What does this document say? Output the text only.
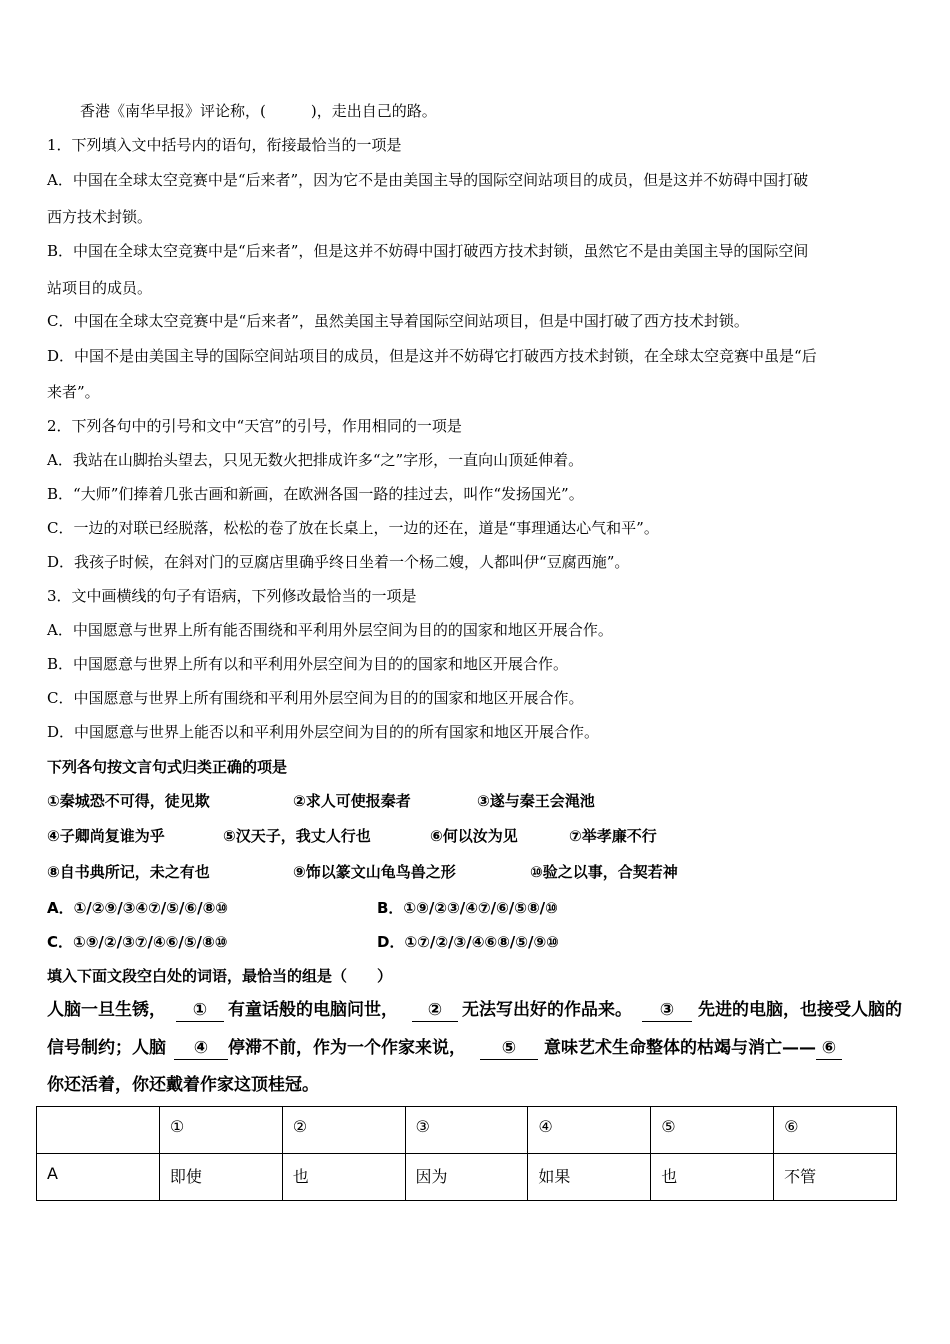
香港《南华早报》评论称，(　　　)，走出自己的路。
1．下列填入文中括号内的语句，衔接最恰当的一项是
A．中国在全球太空竞赛中是“后来者”，因为它不是由美国主导的国际空间站项目的成员，但是这并不妨碍中国打破
西方技术封锁。
B．中国在全球太空竞赛中是“后来者”，但是这并不妨碍中国打破西方技术封锁，虽然它不是由美国主导的国际空间
站项目的成员。
C．中国在全球太空竞赛中是“后来者”，虽然美国主导着国际空间站项目，但是中国打破了西方技术封锁。
D．中国不是由美国主导的国际空间站项目的成员，但是这并不妨碍它打破西方技术封锁，在全球太空竞赛中虽是“后
来者”。
2．下列各句中的引号和文中“天宫”的引号，作用相同的一项是
A．我站在山脚抬头望去，只见无数火把排成许多“之”字形，一直向山顶延伸着。
B．“大师”们捧着几张古画和新画，在欧洲各国一路的挂过去，叫作“发扬国光”。
C．一边的对联已经脱落，松松的卷了放在长桌上，一边的还在，道是“事理通达心气和平”。
D．我孩子时候，在斜对门的豆腐店里确乎终日坐着一个杨二嫂，人都叫伊“豆腐西施”。
3．文中画横线的句子有语病，下列修改最恰当的一项是
A．中国愿意与世界上所有能否围绕和平利用外层空间为目的的国家和地区开展合作。
B．中国愿意与世界上所有以和平利用外层空间为目的的国家和地区开展合作。
C．中国愿意与世界上所有围绕和平利用外层空间为目的的国家和地区开展合作。
D．中国愿意与世界上能否以和平利用外层空间为目的的所有国家和地区开展合作。
下列各句按文言句式归类正确的项是
①秦城恐不可得，徒见欺	②求人可使报秦者	③遂与秦王会渑池
④子卿尚复谁为乎	⑤汉天子，我丈人行也	⑥何以汝为见	⑦举孝廉不行
⑧自书典所记，未之有也	⑨饰以篆文山龟鸟兽之形	⑩验之以事，合契若神
A．①/②⑨/③④⑦/⑤/⑥/⑧⑩	B．①⑨/②③/④⑦/⑥/⑤⑧/⑩
C．①⑨/②/③⑦/④⑥/⑤/⑧⑩	D．①⑦/②/③/④⑥⑧/⑤/⑨⑩
填入下面文段空白处的词语，最恰当的组是（　　）
人脑一旦生锈， ① 有童话般的电脑问世， ② 无法写出好的作品来。 ③ 先进的电脑，也接受人脑的
信号制约；人脑 ④ 停滞不前，作为一个作家来说， ⑤ 意味艺术生命整体的枯竭与消亡—— ⑥
你还活着，你还戴着作家这顶桂冠。
	①	②	③	④	⑤	⑥
A	即使	也	因为	如果	也	不管
